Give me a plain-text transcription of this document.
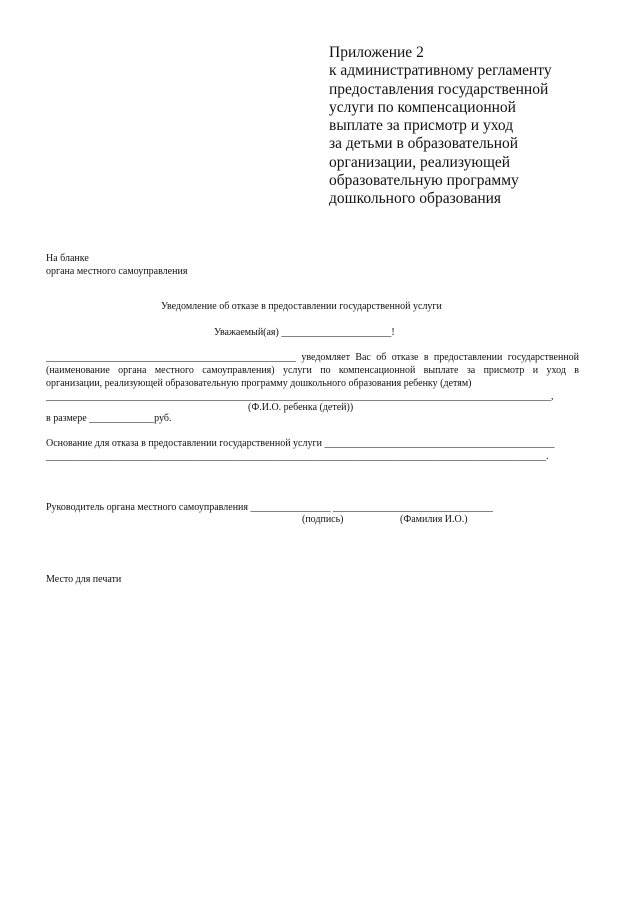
Приложение 2
к административному регламенту
предоставления государственной
услуги по компенсационной
выплате за присмотр и уход
за детьми в образовательной
организации, реализующей
образовательную программу
дошкольного образования
На бланке
органа местного самоуправления
Уведомление об отказе в предоставлении государственной услуги
Уважаемый(ая) ______________________!
__________________________________________________ уведомляет Вас об отказе в предоставлении государственной
(наименование органа местного самоуправления) услуги по компенсационной выплате за присмотр и уход в
организации, реализующей образовательную программу дошкольного образования ребенку (детям)
_____________________________________________________________________________________________________,
(Ф.И.О. ребенка (детей))
в размере _____________руб.
Основание для отказа в предоставлении государственной услуги ______________________________________________
____________________________________________________________________________________________________.
Руководитель органа местного самоуправления ________________ ________________________________
(подпись)	(Фамилия И.О.)
Место для печати
